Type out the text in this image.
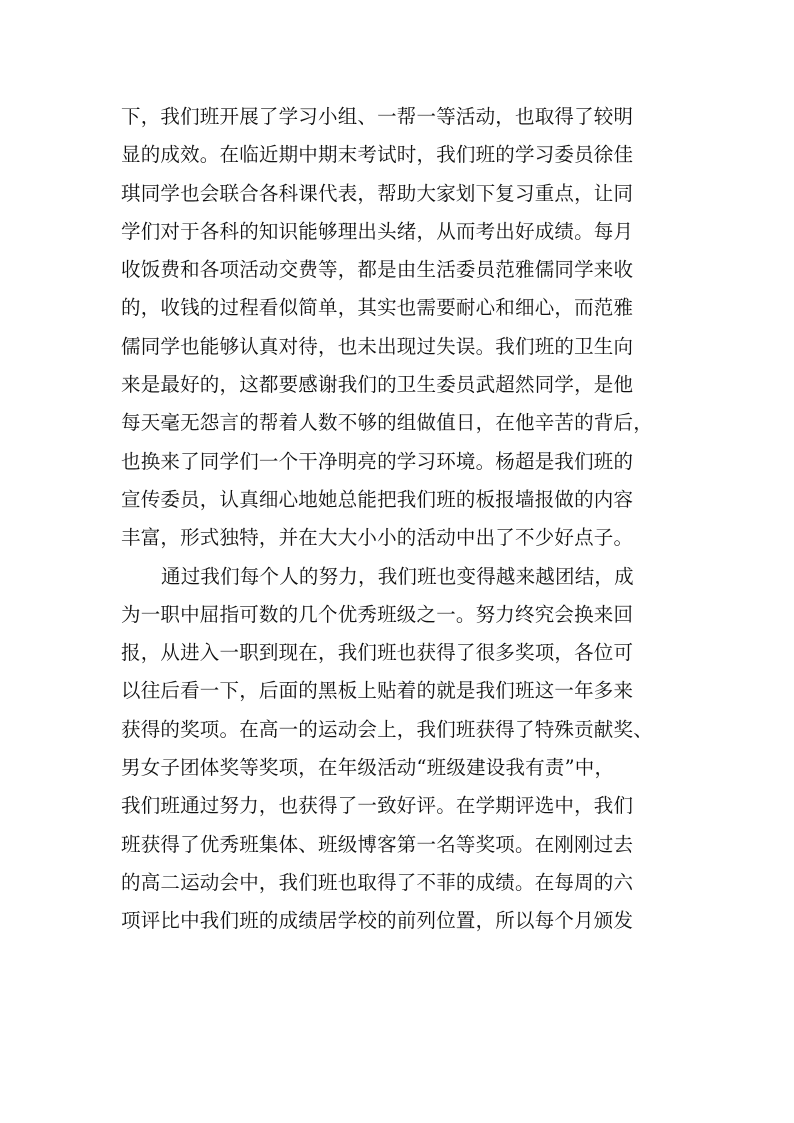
下，我们班开展了学习小组、一帮一等活动，也取得了较明
显的成效。在临近期中期末考试时，我们班的学习委员徐佳
琪同学也会联合各科课代表，帮助大家划下复习重点，让同
学们对于各科的知识能够理出头绪，从而考出好成绩。每月
收饭费和各项活动交费等，都是由生活委员范雅儒同学来收
的，收钱的过程看似简单，其实也需要耐心和细心，而范雅
儒同学也能够认真对待，也未出现过失误。我们班的卫生向
来是最好的，这都要感谢我们的卫生委员武超然同学，是他
每天毫无怨言的帮着人数不够的组做值日，在他辛苦的背后，
也换来了同学们一个干净明亮的学习环境。杨超是我们班的
宣传委员，认真细心地她总能把我们班的板报墙报做的内容
丰富，形式独特，并在大大小小的活动中出了不少好点子。
通过我们每个人的努力，我们班也变得越来越团结，成
为一职中屈指可数的几个优秀班级之一。努力终究会换来回
报，从进入一职到现在，我们班也获得了很多奖项，各位可
以往后看一下，后面的黑板上贴着的就是我们班这一年多来
获得的奖项。在高一的运动会上，我们班获得了特殊贡献奖、
男女子团体奖等奖项，在年级活动“班级建设我有责”中，
我们班通过努力，也获得了一致好评。在学期评选中，我们
班获得了优秀班集体、班级博客第一名等奖项。在刚刚过去
的高二运动会中，我们班也取得了不菲的成绩。在每周的六
项评比中我们班的成绩居学校的前列位置，所以每个月颁发
